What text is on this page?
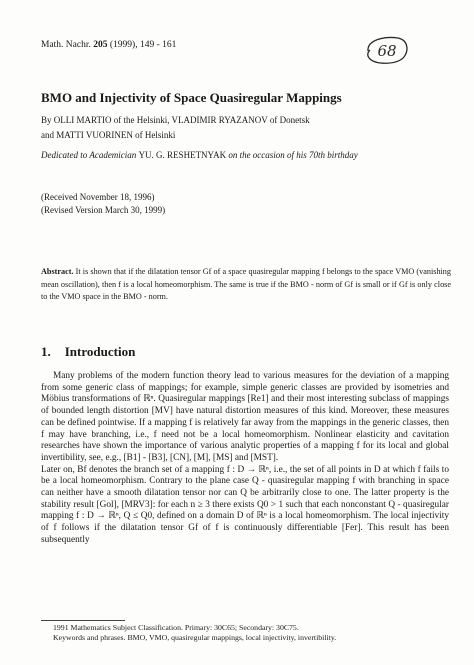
Math. Nachr. 205 (1999), 149 - 161	68
BMO and Injectivity of Space Quasiregular Mappings
By OLLI MARTIO of the Helsinki, VLADIMIR RYAZANOV of Donetsk
and MATTI VUORINEN of Helsinki
Dedicated to Academician YU. G. RESHETNYAK on the occasion of his 70th birthday
(Received November 18, 1996)
(Revised Version March 30, 1999)
Abstract. It is shown that if the dilatation tensor Gf of a space quasiregular mapping f belongs to the space VMO (vanishing mean oscillation), then f is a local homeomorphism. The same is true if the BMO - norm of Gf is small or if Gf is only close to the VMO space in the BMO - norm.
1. Introduction

Many problems of the modern function theory lead to various measures for the deviation of a mapping from some generic class of mappings; for example, simple generic classes are provided by isometries and Möbius transformations of ℝⁿ. Quasiregular mappings [Re1] and their most interesting subclass of mappings of bounded length distortion [MV] have natural distortion measures of this kind. Moreover, these measures can be defined pointwise. If a mapping f is relatively far away from the mappings in the generic classes, then f may have branching, i.e., f need not be a local homeomorphism. Nonlinear elasticity and cavitation researches have shown the importance of various analytic properties of a mapping f for its local and global invertibility, see, e.g., [B1] - [B3], [CN], [M], [MS] and [MST].

Later on, Bf denotes the branch set of a mapping f : D → ℝⁿ, i.e., the set of all points in D at which f fails to be a local homeomorphism. Contrary to the plane case Q - quasiregular mapping f with branching in space can neither have a smooth dilatation tensor nor can Q be arbitrarily close to one. The latter property is the stability result [Gol], [MRV3]: for each n ≥ 3 there exists Q0 > 1 such that each nonconstant Q - quasiregular mapping f : D → ℝⁿ, Q ≤ Q0, defined on a domain D of ℝⁿ is a local homeomorphism. The local injectivity of f follows if the dilatation tensor Gf of f is continuously differentiable [Fer]. This result has been subsequently

1991 Mathematics Subject Classification. Primary: 30C65; Secondary: 30C75.
Keywords and phrases. BMO, VMO, quasiregular mappings, local injectivity, invertibility.
